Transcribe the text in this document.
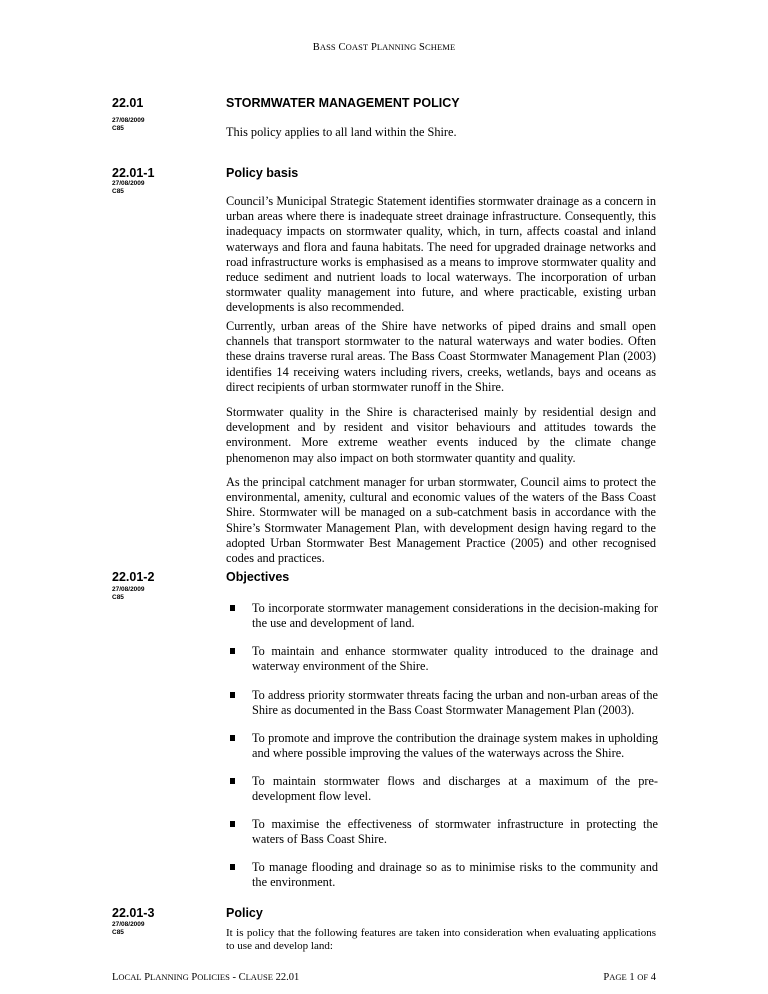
BASS COAST PLANNING SCHEME
22.01	STORMWATER MANAGEMENT POLICY
27/08/2009
C85	This policy applies to all land within the Shire.

22.01-1	Policy basis
27/08/2009
C85

Council’s Municipal Strategic Statement identifies stormwater drainage as a concern in urban areas where there is inadequate street drainage infrastructure. Consequently, this inadequacy impacts on stormwater quality, which, in turn, affects coastal and inland waterways and flora and fauna habitats. The need for upgraded drainage networks and road infrastructure works is emphasised as a means to improve stormwater quality and reduce sediment and nutrient loads to local waterways. The incorporation of urban stormwater quality management into future, and where practicable, existing urban developments is also recommended.

Currently, urban areas of the Shire have networks of piped drains and small open channels that transport stormwater to the natural waterways and water bodies. Often these drains traverse rural areas. The Bass Coast Stormwater Management Plan (2003) identifies 14 receiving waters including rivers, creeks, wetlands, bays and oceans as direct recipients of urban stormwater runoff in the Shire.

Stormwater quality in the Shire is characterised mainly by residential design and development and by resident and visitor behaviours and attitudes towards the environment. More extreme weather events induced by the climate change phenomenon may also impact on both stormwater quantity and quality.

As the principal catchment manager for urban stormwater, Council aims to protect the environmental, amenity, cultural and economic values of the waters of the Bass Coast Shire. Stormwater will be managed on a sub-catchment basis in accordance with the Shire’s Stormwater Management Plan, with development design having regard to the adopted Urban Stormwater Best Management Practice (2005) and other recognised codes and practices.

22.01-2	Objectives
27/08/2009
C85
To incorporate stormwater management considerations in the decision-making for the use and development of land.
To maintain and enhance stormwater quality introduced to the drainage and waterway environment of the Shire.
To address priority stormwater threats facing the urban and non-urban areas of the Shire as documented in the Bass Coast Stormwater Management Plan (2003).
To promote and improve the contribution the drainage system makes in upholding and where possible improving the values of the waterways across the Shire.
To maintain stormwater flows and discharges at a maximum of the pre-development flow level.
To maximise the effectiveness of stormwater infrastructure in protecting the waters of Bass Coast Shire.
To manage flooding and drainage so as to minimise risks to the community and the environment.
22.01-3	Policy
27/08/2009
C85	It is policy that the following features are taken into consideration when evaluating applications to use and develop land:

LOCAL PLANNING POLICIES - CLAUSE 22.01	PAGE 1 OF 4
